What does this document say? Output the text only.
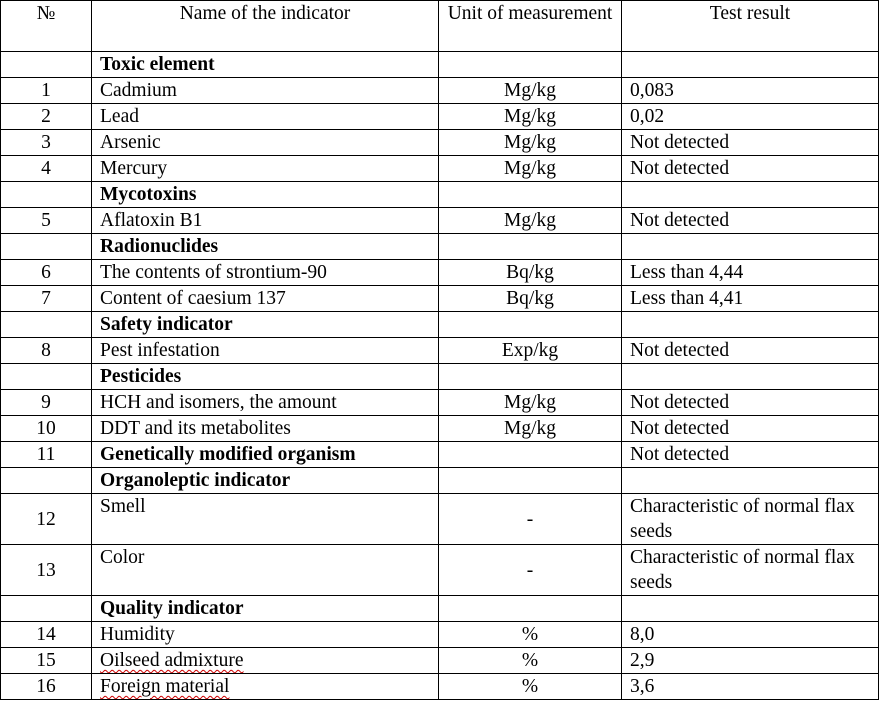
№	Name of the indicator	Unit of measurement	Test result
	Toxic element		
1	Cadmium	Mg/kg	0,083
2	Lead	Mg/kg	0,02
3	Arsenic	Mg/kg	Not detected
4	Mercury	Mg/kg	Not detected
	Mycotoxins		
5	Aflatoxin B1	Mg/kg	Not detected
	Radionuclides		
6	The contents of strontium-90	Bq/kg	Less than 4,44
7	Content of caesium 137	Bq/kg	Less than 4,41
	Safety indicator		
8	Pest infestation	Exp/kg	Not detected
	Pesticides		
9	HCH and isomers, the amount	Mg/kg	Not detected
10	DDT and its metabolites	Mg/kg	Not detected
11	Genetically modified organism		Not detected
	Organoleptic indicator		
12	Smell	-	Characteristic of normal flax seeds
13	Color	-	Characteristic of normal flax seeds
	Quality indicator		
14	Humidity	%	8,0
15	Oilseed admixture	%	2,9
16	Foreign material	%	3,6
